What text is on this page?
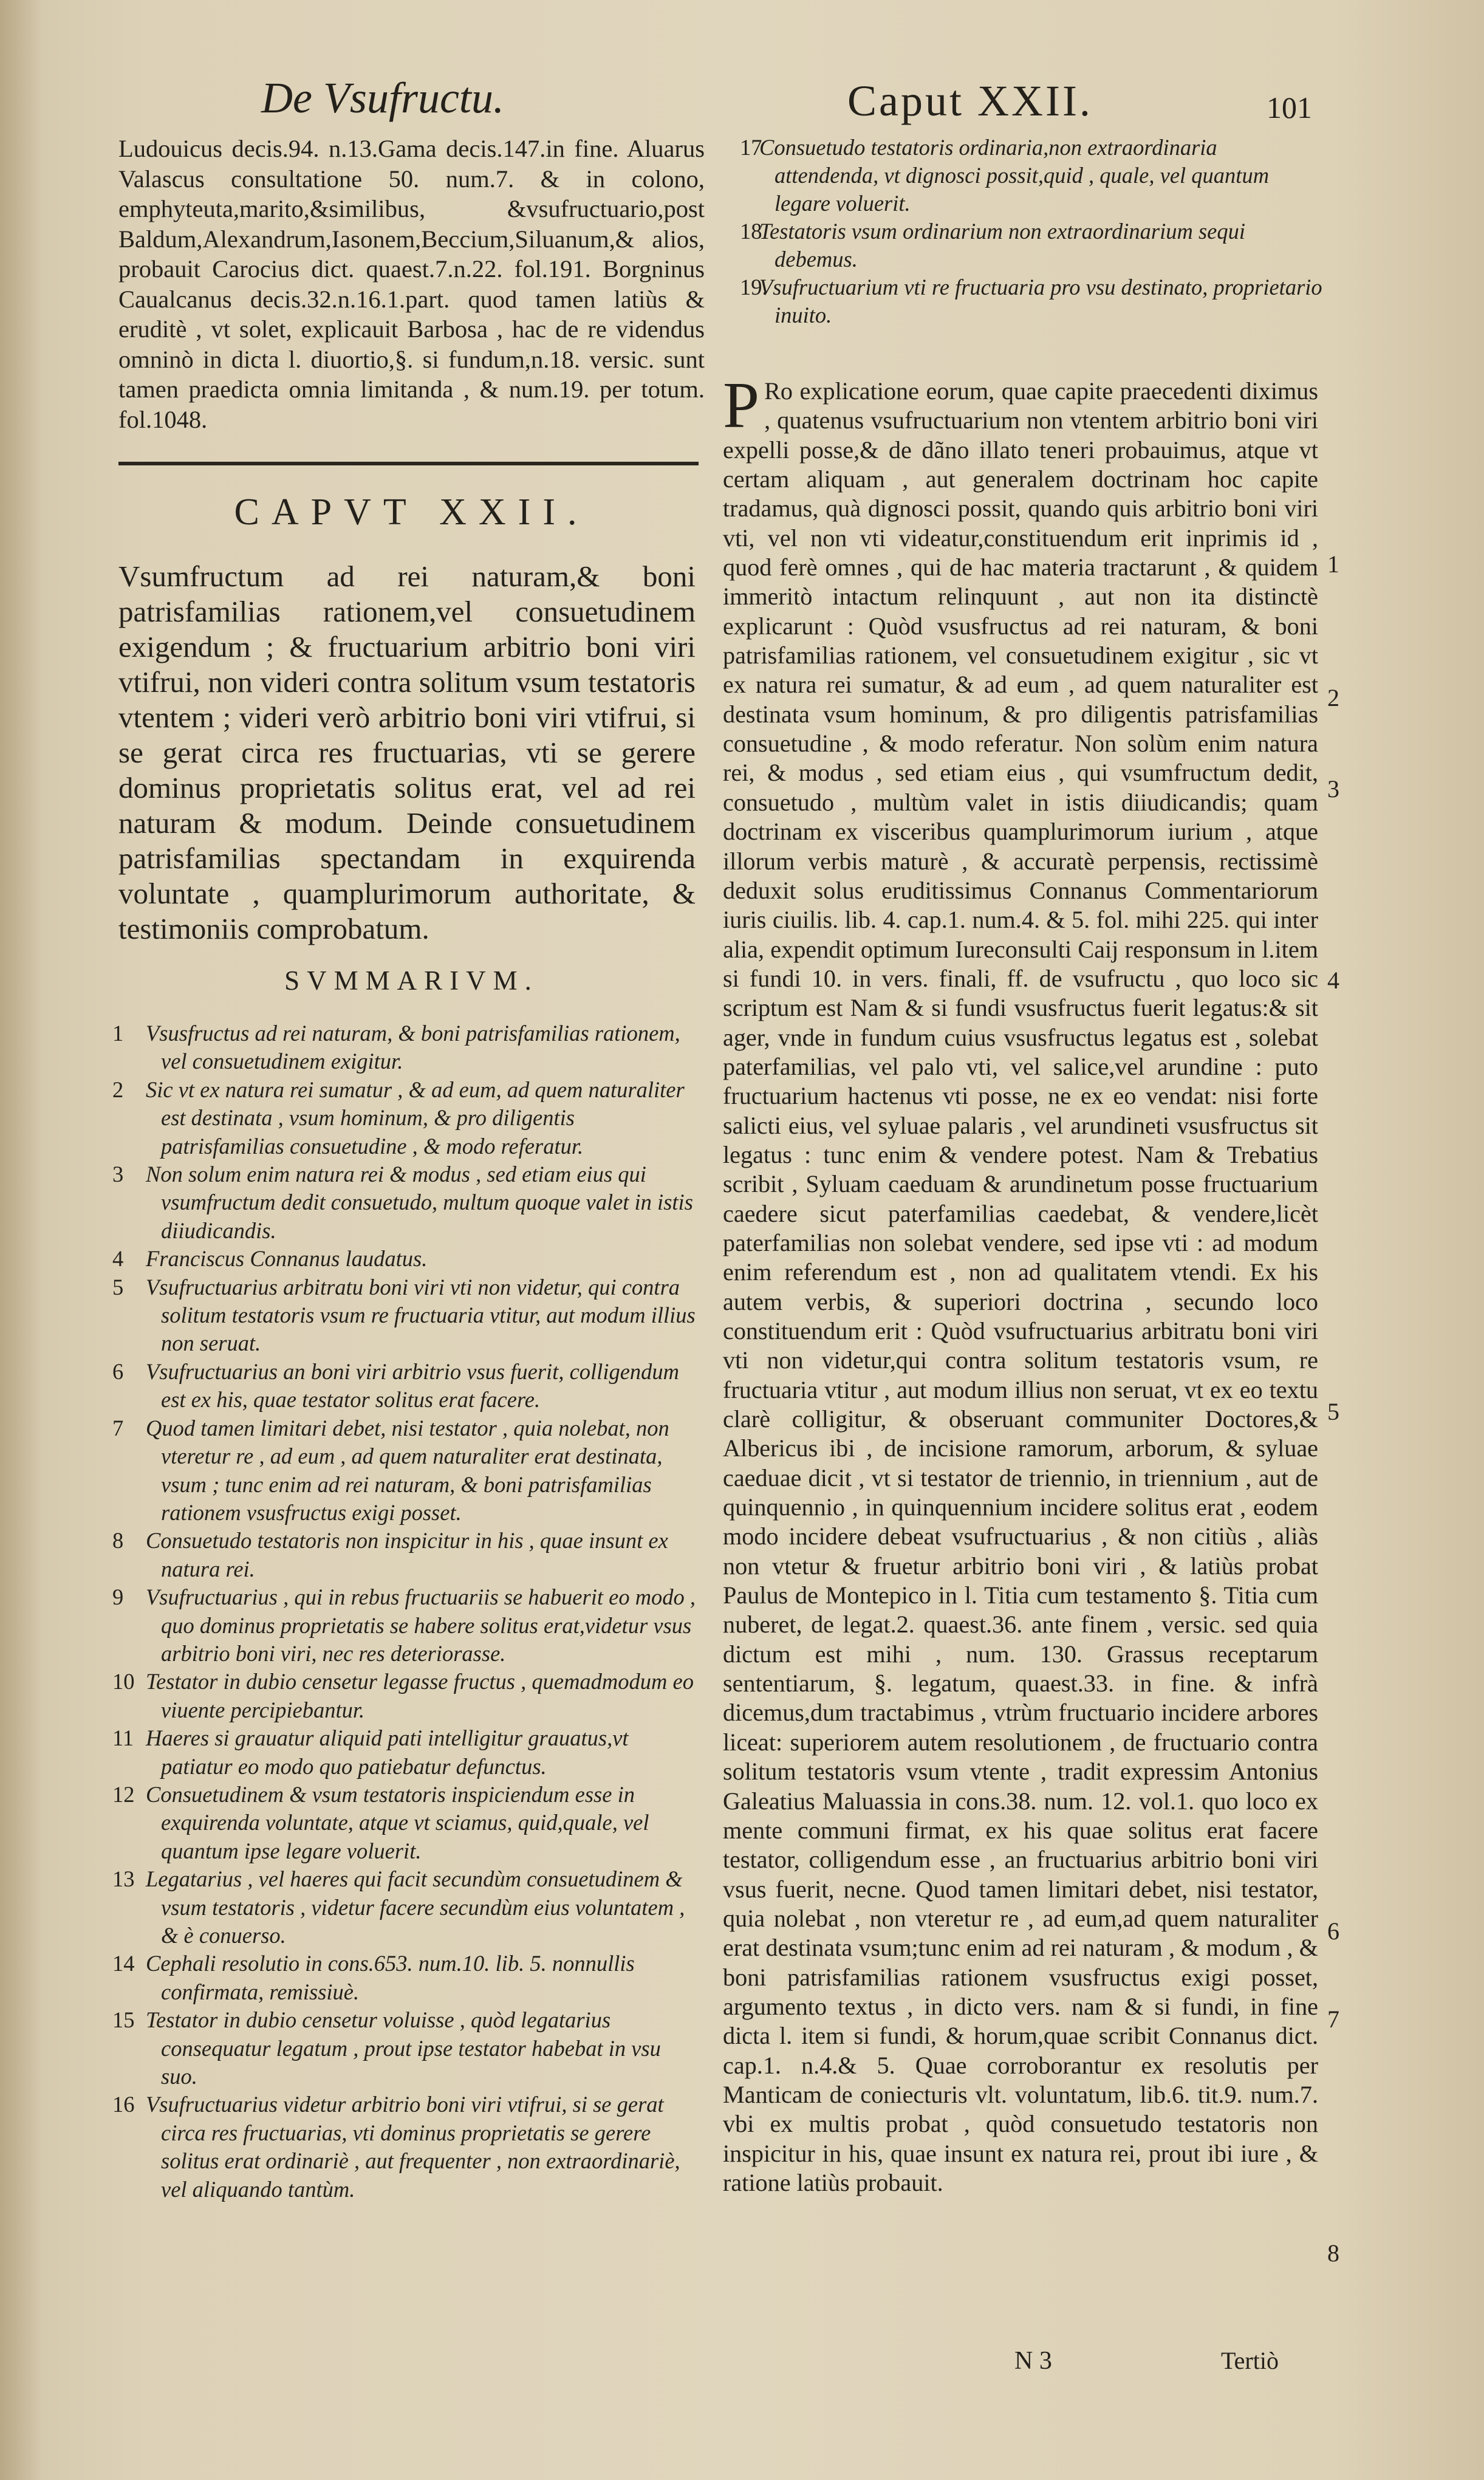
De Vsufructu.	Caput XXII.	101

Ludouicus decis.94. n.13.Gama decis.147.in fine. Aluarus Valascus consultatione 50. num.7. & in colono, emphyteuta,marito,&similibus, &vsufructuario,post Baldum,Alexandrum,Iasonem,Beccium,Siluanum,& alios, probauit Carocius dict. quaest.7.n.22. fol.191. Borgninus Caualcanus decis.32.n.16.1.part. quod tamen latiùs & eruditè , vt solet, explicauit Barbosa , hac de re videndus omninò in dicta l. diuortio,§. si fundum,n.18. versic. sunt tamen praedicta omnia limitanda , & num.19. per totum. fol.1048.

CAPVT XXII.

Vsumfructum ad rei naturam,& boni patrisfamilias rationem,vel consuetudinem exigendum ; & fructuarium arbitrio boni viri vtifrui, non videri contra solitum vsum testatoris vtentem ; videri verò arbitrio boni viri vtifrui, si se gerat circa res fructuarias, vti se gerere dominus proprietatis solitus erat, vel ad rei naturam & modum. Deinde consuetudinem patrisfamilias spectandam in exquirenda voluntate , quamplurimorum authoritate, & testimoniis comprobatum.

SVMMARIVM.
1 Vsusfructus ad rei naturam, & boni patrisfamilias rationem, vel consuetudinem exigitur.
2 Sic vt ex natura rei sumatur , & ad eum, ad quem naturaliter est destinata , vsum hominum, & pro diligentis patrisfamilias consuetudine , & modo referatur.
3 Non solum enim natura rei & modus , sed etiam eius qui vsumfructum dedit consuetudo, multum quoque valet in istis diiudicandis.
4 Franciscus Connanus laudatus.
5 Vsufructuarius arbitratu boni viri vti non videtur, qui contra solitum testatoris vsum re fructuaria vtitur, aut modum illius non seruat.
6 Vsufructuarius an boni viri arbitrio vsus fuerit, colligendum est ex his, quae testator solitus erat facere.
7 Quod tamen limitari debet, nisi testator , quia nolebat, non vteretur re , ad eum , ad quem naturaliter erat destinata, vsum ; tunc enim ad rei naturam, & boni patrisfamilias rationem vsusfructus exigi posset.
8 Consuetudo testatoris non inspicitur in his , quae insunt ex natura rei.
9 Vsufructuarius , qui in rebus fructuariis se habuerit eo modo , quo dominus proprietatis se habere solitus erat,videtur vsus arbitrio boni viri, nec res deteriorasse.
10 Testator in dubio censetur legasse fructus , quemadmodum eo viuente percipiebantur.
11 Haeres si grauatur aliquid pati intelligitur grauatus,vt patiatur eo modo quo patiebatur defunctus.
12 Consuetudinem & vsum testatoris inspiciendum esse in exquirenda voluntate, atque vt sciamus, quid,quale, vel quantum ipse legare voluerit.
13 Legatarius , vel haeres qui facit secundùm consuetudinem & vsum testatoris , videtur facere secundùm eius voluntatem , & è conuerso.
14 Cephali resolutio in cons.653. num.10. lib. 5. nonnullis confirmata, remissiuè.
15 Testator in dubio censetur voluisse , quòd legatarius consequatur legatum , prout ipse testator habebat in vsu suo.
16 Vsufructuarius videtur arbitrio boni viri vtifrui, si se gerat circa res fructuarias, vti dominus proprietatis se gerere solitus erat ordinariè , aut frequenter , non extraordinariè, vel aliquando tantùm.
17
Consuetudo testatoris ordinaria,non extraordinaria attendenda, vt dignosci possit,quid , quale, vel quantum legare voluerit.
18
Testatoris vsum ordinarium non extraordinarium sequi debemus.
19.
Vsufructuarium vti re fructuaria pro vsu destinato, proprietario inuito.

P Ro explicatione eorum, quae capite praecedenti diximus , quatenus vsufructuarium non vtentem arbitrio boni viri expelli posse,& de dãno illato teneri probauimus, atque vt certam aliquam , aut generalem doctrinam hoc capite tradamus, quà dignosci possit, quando quis arbitrio boni viri vti, vel non vti videatur,constituendum erit inprimis id , quod ferè omnes , qui de hac materia tractarunt , & quidem immeritò intactum relinquunt , aut non ita distinctè explicarunt : Quòd vsusfructus ad rei naturam, & boni patrisfamilias rationem, vel consuetudinem exigitur , sic vt ex natura rei sumatur, & ad eum , ad quem naturaliter est destinata vsum hominum, & pro diligentis patrisfamilias consuetudine , & modo referatur. Non solùm enim natura rei, & modus , sed etiam eius , qui vsumfructum dedit, consuetudo , multùm valet in istis diiudicandis; quam doctrinam ex visceribus quamplurimorum iurium , atque illorum verbis maturè , & accuratè perpensis, rectissimè deduxit solus eruditissimus Connanus Commentariorum iuris ciuilis. lib. 4. cap.1. num.4. & 5. fol. mihi 225. qui inter alia, expendit optimum Iureconsulti Caij responsum in l.item si fundi 10. in vers. finali, ff. de vsufructu , quo loco sic scriptum est Nam & si fundi vsusfructus fuerit legatus:& sit ager, vnde in fundum cuius vsusfructus legatus est , solebat paterfamilias, vel palo vti, vel salice,vel arundine : puto fructuarium hactenus vti posse, ne ex eo vendat: nisi forte salicti eius, vel syluae palaris , vel arundineti vsusfructus sit legatus : tunc enim & vendere potest. Nam & Trebatius scribit , Syluam caeduam & arundinetum posse fructuarium caedere sicut paterfamilias caedebat, & vendere,licèt paterfamilias non solebat vendere, sed ipse vti : ad modum enim referendum est , non ad qualitatem vtendi. Ex his autem verbis, & superiori doctrina , secundo loco constituendum erit : Quòd vsufructuarius arbitratu boni viri vti non videtur,qui contra solitum testatoris vsum, re fructuaria vtitur , aut modum illius non seruat, vt ex eo textu clarè colligitur, & obseruant communiter Doctores,& Albericus ibi , de incisione ramorum, arborum, & syluae caeduae dicit , vt si testator de triennio, in triennium , aut de quinquennio , in quinquennium incidere solitus erat , eodem modo incidere debeat vsufructuarius , & non citiùs , aliàs non vtetur & fruetur arbitrio boni viri , & latiùs probat Paulus de Montepico in l. Titia cum testamento §. Titia cum nuberet, de legat.2. quaest.36. ante finem , versic. sed quia dictum est mihi , num. 130. Grassus receptarum sententiarum, §. legatum, quaest.33. in fine. & infrà dicemus,dum tractabimus , vtrùm fructuario incidere arbores liceat: superiorem autem resolutionem , de fructuario contra solitum testatoris vsum vtente , tradit expressim Antonius Galeatius Maluassia in cons.38. num. 12. vol.1. quo loco ex mente communi firmat, ex his quae solitus erat facere testator, colligendum esse , an fructuarius arbitrio boni viri vsus fuerit, necne. Quod tamen limitari debet, nisi testator, quia nolebat , non vteretur re , ad eum,ad quem naturaliter erat destinata vsum;tunc enim ad rei naturam , & modum , & boni patrisfamilias rationem vsusfructus exigi posset, argumento textus , in dicto vers. nam & si fundi, in fine dicta l. item si fundi, & horum,quae scribit Connanus dict. cap.1. n.4.& 5. Quae corroborantur ex resolutis per Manticam de coniecturis vlt. voluntatum, lib.6. tit.9. num.7. vbi ex multis probat , quòd consuetudo testatoris non inspicitur in his, quae insunt ex natura rei, prout ibi iure , & ratione latiùs probauit.

1
2
3
4
5
6
7
8
N 3	Tertiò
